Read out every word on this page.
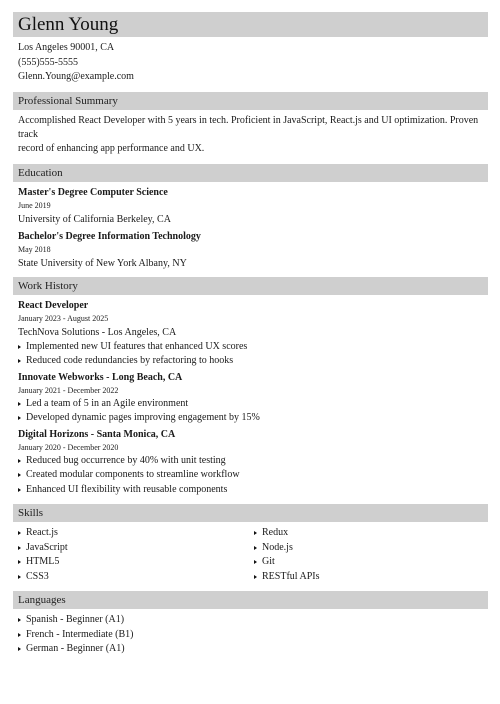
Glenn Young
Los Angeles 90001, CA
(555)555-5555
Glenn.Young@example.com
Professional Summary
Accomplished React Developer with 5 years in tech. Proficient in JavaScript, React.js and UI optimization. Proven track
record of enhancing app performance and UX.
Education
Master's Degree Computer Science
June 2019
University of California Berkeley, CA
Bachelor's Degree Information Technology
May 2018
State University of New York Albany, NY
Work History
React Developer
January 2023 - August 2025
TechNova Solutions - Los Angeles, CA
Implemented new UI features that enhanced UX scores
Reduced code redundancies by refactoring to hooks
Innovate Webworks - Long Beach, CA
January 2021 - December 2022
Led a team of 5 in an Agile environment
Developed dynamic pages improving engagement by 15%
Digital Horizons - Santa Monica, CA
January 2020 - December 2020
Reduced bug occurrence by 40% with unit testing
Created modular components to streamline workflow
Enhanced UI flexibility with reusable components
Skills
React.js
JavaScript
HTML5
CSS3
Redux
Node.js
Git
RESTful APIs
Languages
Spanish - Beginner (A1)
French - Intermediate (B1)
German - Beginner (A1)
